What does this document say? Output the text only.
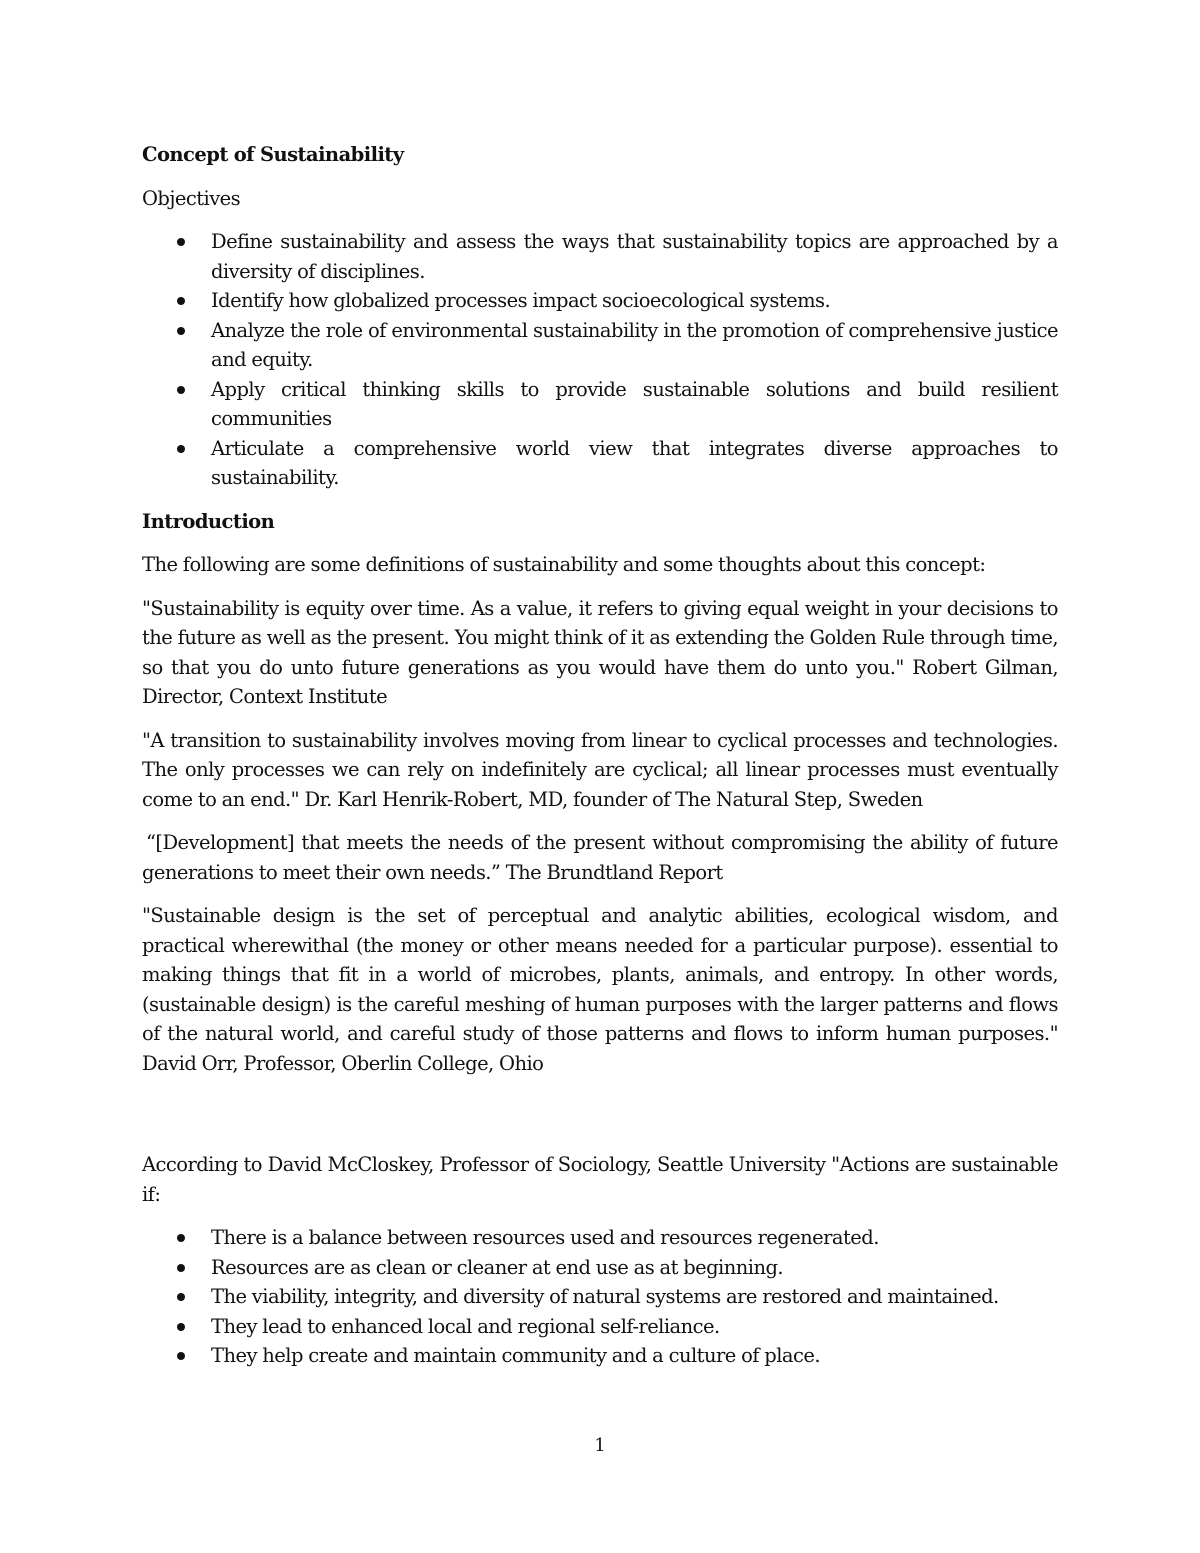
Concept of Sustainability
Objectives
Define sustainability and assess the ways that sustainability topics are approached by a diversity of disciplines.
Identify how globalized processes impact socioecological systems.
Analyze the role of environmental sustainability in the promotion of comprehensive justice and equity.
Apply critical thinking skills to provide sustainable solutions and build resilient communities
Articulate a comprehensive world view that integrates diverse approaches to sustainability.
Introduction

The following are some definitions of sustainability and some thoughts about this concept:

"Sustainability is equity over time. As a value, it refers to giving equal weight in your decisions to the future as well as the present. You might think of it as extending the Golden Rule through time, so that you do unto future generations as you would have them do unto you." Robert Gilman, Director, Context Institute

"A transition to sustainability involves moving from linear to cyclical processes and technologies. The only processes we can rely on indefinitely are cyclical; all linear processes must eventually come to an end." Dr. Karl Henrik-Robert, MD, founder of The Natural Step, Sweden

“[Development] that meets the needs of the present without compromising the ability of future generations to meet their own needs.” The Brundtland Report

"Sustainable design is the set of perceptual and analytic abilities, ecological wisdom, and practical wherewithal (the money or other means needed for a particular purpose). essential to making things that fit in a world of microbes, plants, animals, and entropy. In other words, (sustainable design) is the careful meshing of human purposes with the larger patterns and flows of the natural world, and careful study of those patterns and flows to inform human purposes." David Orr, Professor, Oberlin College, Ohio

According to David McCloskey, Professor of Sociology, Seattle University "Actions are sustainable if:

There is a balance between resources used and resources regenerated.
Resources are as clean or cleaner at end use as at beginning.
The viability, integrity, and diversity of natural systems are restored and maintained.
They lead to enhanced local and regional self-reliance.
They help create and maintain community and a culture of place.
1
